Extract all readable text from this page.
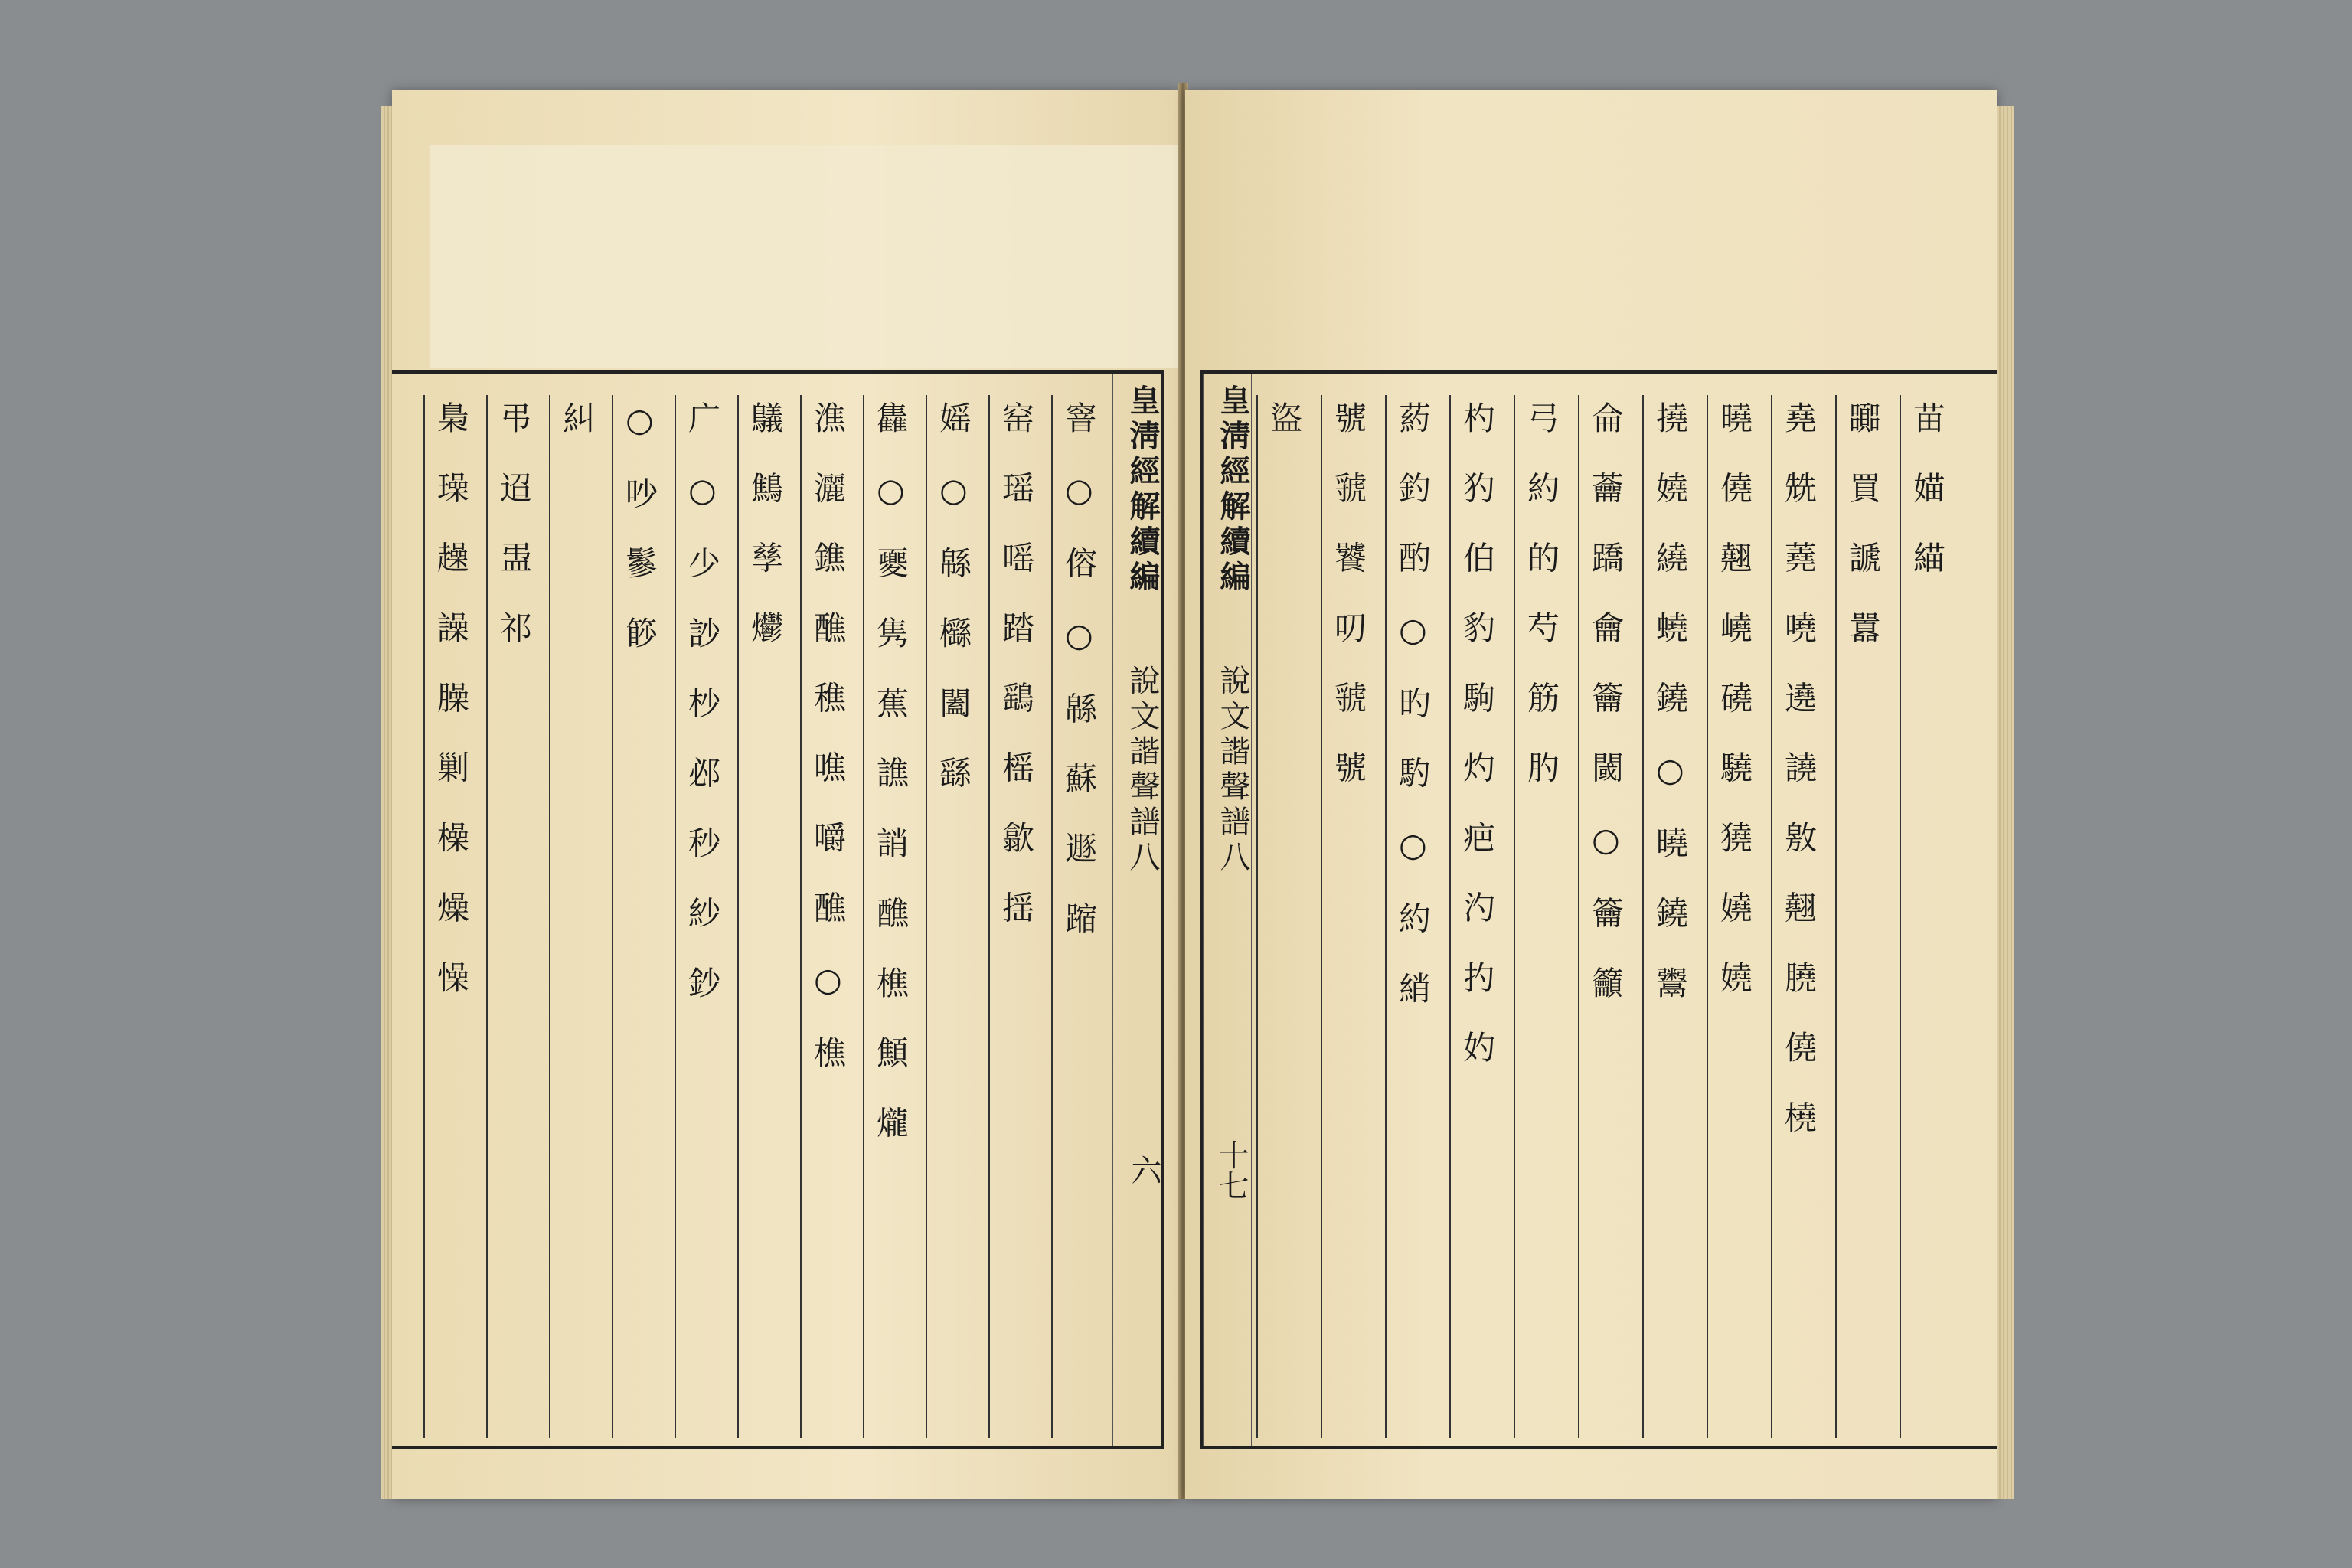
皇淸經解續編
說文諧聲譜八
六
窨 ○ 傛 ○ 緜 蘇 遯 蹜
窑 瑶 嗂 踏 鷂 榣 歙 揺
媱 ○ 緜 櫾 闔 繇
雥 ○ 夒 隽 蕉 譙 誚 醮 樵 顦 爖
潐 灑 鐎 醮 穛 噍 嚼 醮 ○ 樵
鸃 鷦 孳 爩
广 ○ 少 訬 杪 邲 秒 紗 鈔
○ 吵 鬖 篎
糾
弔 迢 盄 祁
梟 璪 趮 譟 臊 剿 橾 燥 懆	皇淸經解續編
說文諧聲譜八
十七
苗 媌 緢
嚻 買 謕 囂
堯 兟 蕘 嘵 遶 譊 敫 翹 膮 僥 橈
曉 僥 翹 嶢 磽 驍 獟 嬈 嬈
撓 嬈 繞 蟯 鐃 ○ 曉 鐃 鬻
侖 蘥 蹻 龠 籥 閾 ○ 籥 籲
弓 約 的 芍 筋 肑
杓 犳 伯 豹 駒 灼 疤 汋 扚 妁
葯 釣 酌 ○ 旳 馰 ○ 約 綃
號 虢 饕 叨 虢 號
盜
